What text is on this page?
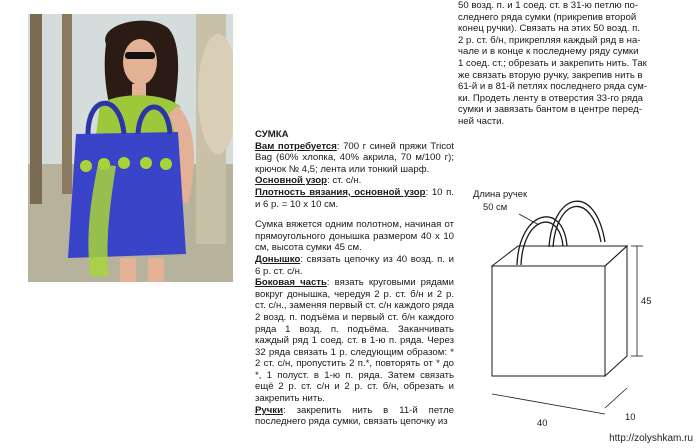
СУМКА

Вам потребуется: 700 г синей пряжи Tricot Bag (60% хлопка, 40% акрила, 70 м/100 г); крючок № 4,5; лента или тонкий шарф.

Основной узор: ст. с/н.

Плотность вязания, основной узор: 10 п. и 6 р. = 10 х 10 см.

Сумка вяжется одним полотном, начиная от прямоугольного донышка размером 40 х 10 см, высота сумки 45 см.

Донышко: связать цепочку из 40 возд. п. и 6 р. ст. с/н.

Боковая часть: вязать круговыми рядами вокруг донышка, чередуя 2 р. ст. б/н и 2 р. ст. с/н., заменяя первый ст. с/н каждого ряда 2 возд. п. подъёма и первый ст. б/н каждого ряда 1 возд. п. подъёма. Заканчивать каждый ряд 1 соед. ст. в 1-ю п. ряда. Через 32 ряда связать 1 р. следующим образом: * 2 ст. с/н, пропустить 2 п.*, повторять от * до *, 1 полуст. в 1-ю п. ряда. Затем связать ещё 2 р. ст. с/н и 2 р. ст. б/н, обрезать и закрепить нить.

Ручки: закрепить нить в 11-й петле последнего ряда сумки, связать цепочку из

50 возд. п. и 1 соед. ст. в 31-ю петлю по-
следнего ряда сумки (прикрепив второй
конец ручки). Связать на этих 50 возд. п.
2 р. ст. б/н, прикрепляя каждый ряд в на-
чале и в конце к последнему ряду сумки
1 соед. ст.; обрезать и закрепить нить. Так
же связать вторую ручку, закрепив нить в
61-й и в 81-й петлях последнего ряда сум-
ки. Продеть ленту в отверстия 33-го ряда
сумки и завязать бантом в центре перед-
ней части.
Длина ручек
50 см
45
40
10
http://zolyshkam.ru
